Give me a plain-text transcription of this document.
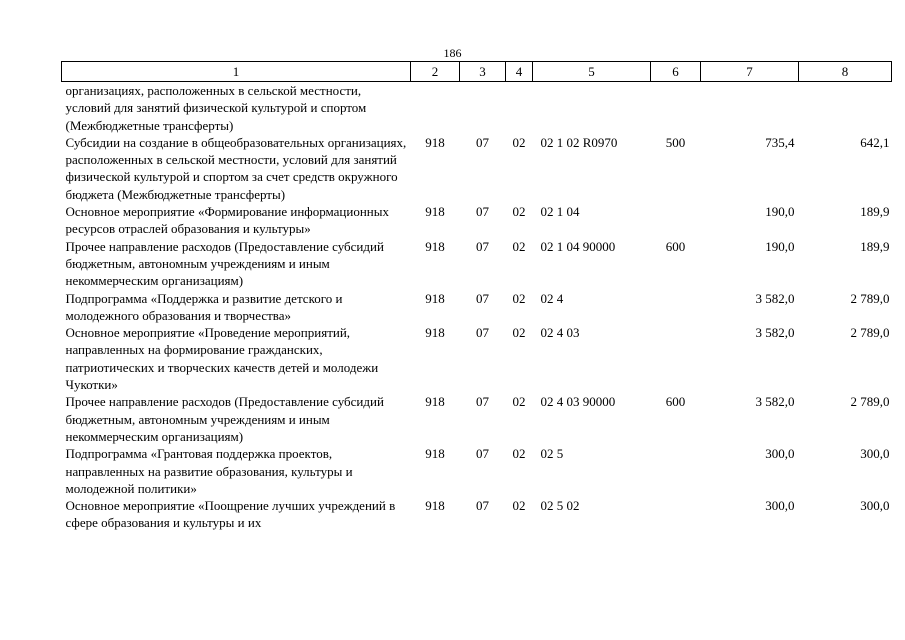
186
1	2	3	4	5	6	7	8
организациях, расположенных в сельской местности, условий для занятий физической культурой и спортом (Межбюджетные трансферты)							
Субсидии на создание в общеобразовательных организациях, расположенных в сельской местности, условий для занятий физической культурой и спортом за счет средств окружного бюджета (Межбюджетные трансферты)	918	07	02	02 1 02 R0970	500	735,4	642,1
Основное мероприятие «Формирование информационных ресурсов отраслей образования и культуры»	918	07	02	02 1 04		190,0	189,9
Прочее направление расходов (Предоставление субсидий бюджетным, автономным учреждениям и иным некоммерческим организациям)	918	07	02	02 1 04 90000	600	190,0	189,9
Подпрограмма «Поддержка и развитие детского и молодежного образования и творчества»	918	07	02	02 4		3 582,0	2 789,0
Основное мероприятие «Проведение мероприятий, направленных на формирование гражданских, патриотических и творческих качеств детей и молодежи Чукотки»	918	07	02	02 4 03		3 582,0	2 789,0
Прочее направление расходов (Предоставление субсидий бюджетным, автономным учреждениям и иным некоммерческим организациям)	918	07	02	02 4 03 90000	600	3 582,0	2 789,0
Подпрограмма «Грантовая поддержка проектов, направленных на развитие образования, культуры и молодежной политики»	918	07	02	02 5		300,0	300,0
Основное мероприятие «Поощрение лучших учреждений в сфере образования и культуры и их	918	07	02	02 5 02		300,0	300,0
